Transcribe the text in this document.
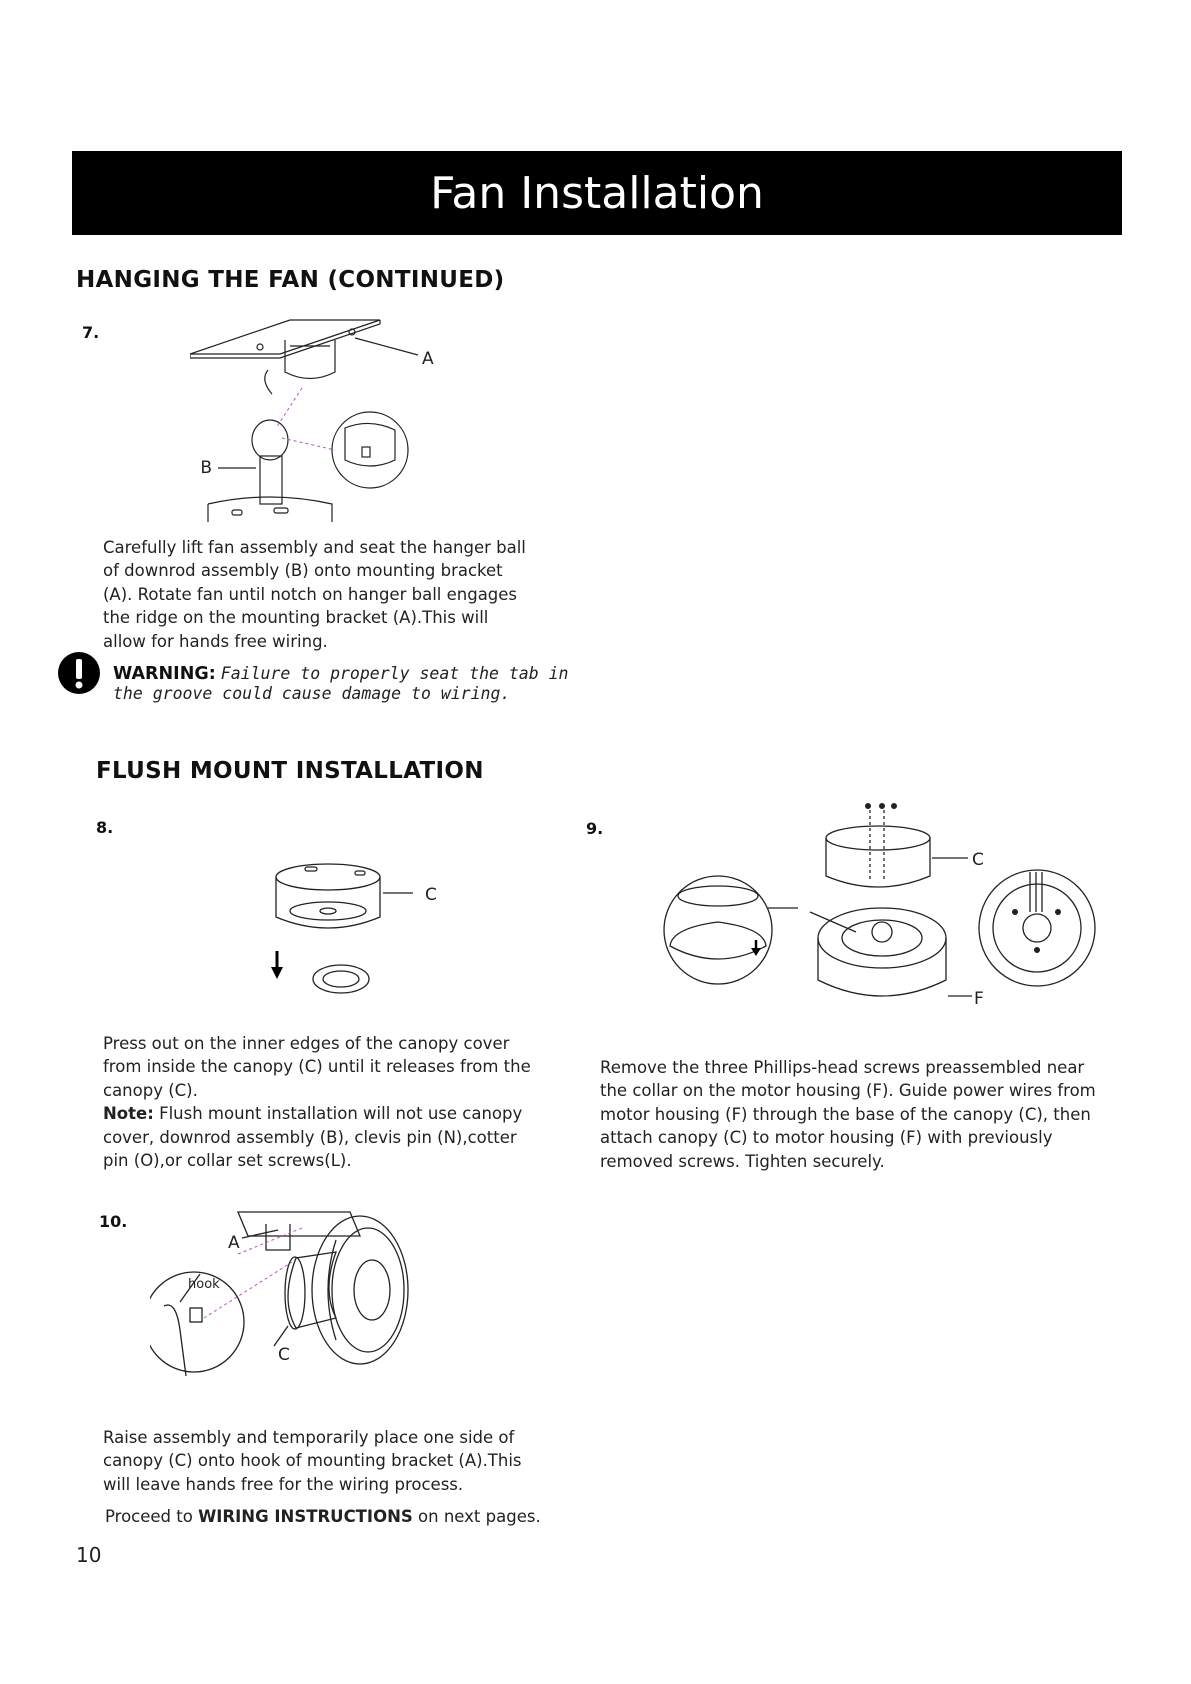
Fan Installation
HANGING THE FAN (CONTINUED)
7.
A
B
Carefully lift fan assembly and seat the hanger ball of downrod assembly (B) onto mounting bracket (A). Rotate fan until notch on hanger ball engages the ridge on the mounting bracket (A).This will allow for hands free wiring.
WARNING: Failure to properly seat the tab in the groove could cause damage to wiring.
FLUSH MOUNT INSTALLATION
8.
C
Press out on the inner edges of the canopy cover from inside the canopy (C) until it releases from the canopy (C).
Note: Flush mount installation will not use canopy cover, downrod assembly (B), clevis pin (N),cotter pin (O),or collar set screws(L).
9.
C
F
Remove the three Phillips-head screws preassembled near the collar on the motor housing (F). Guide power wires from motor housing (F) through the base of the canopy (C), then attach canopy (C) to motor housing (F) with previously removed screws. Tighten securely.
10.
A
hook
C
Raise assembly and temporarily place one side of canopy (C) onto hook of mounting bracket (A).This will leave hands free for the wiring process.
Proceed to WIRING INSTRUCTIONS on next pages.
10
